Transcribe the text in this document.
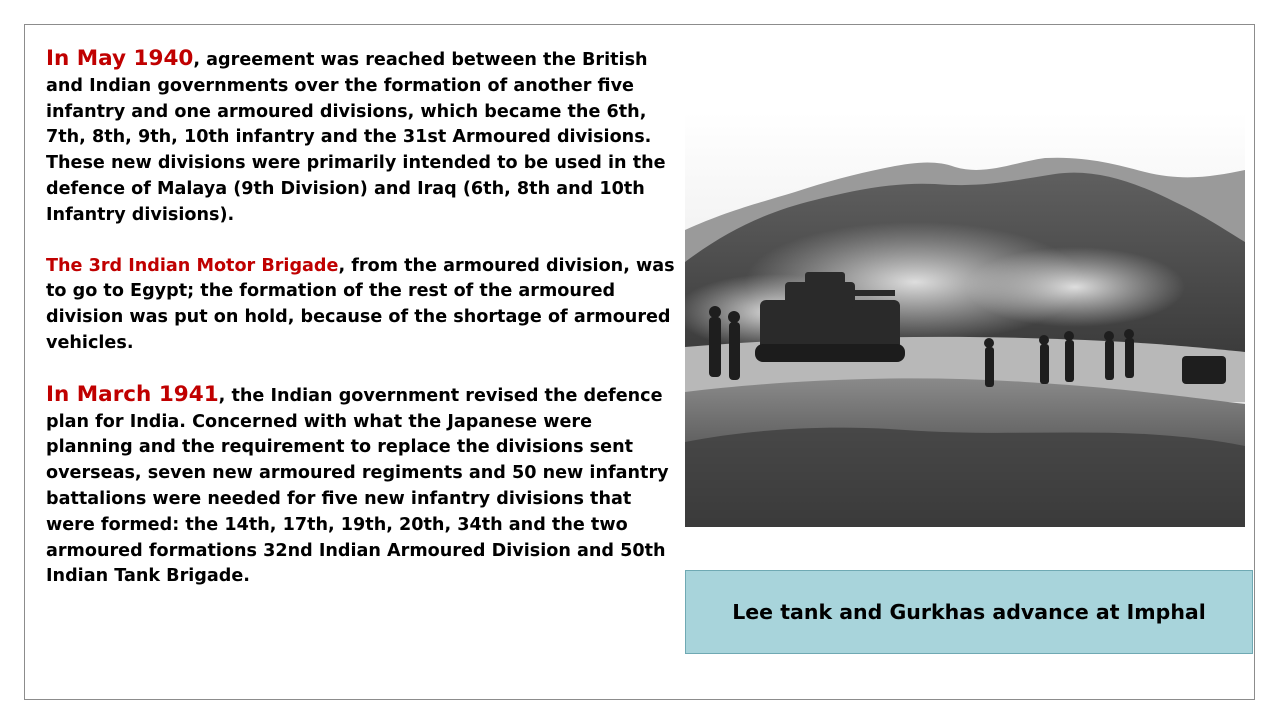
In May 1940, agreement was reached between the British and Indian governments over the formation of another five infantry and one armoured divisions, which became the 6th, 7th, 8th, 9th, 10th infantry and the 31st Armoured divisions. These new divisions were primarily intended to be used in the defence of Malaya (9th Division) and Iraq (6th, 8th and 10th Infantry divisions).

The 3rd Indian Motor Brigade, from the armoured division, was to go to Egypt; the formation of the rest of the armoured division was put on hold, because of the shortage of armoured vehicles.

In March 1941, the Indian government revised the defence plan for India. Concerned with what the Japanese were planning and the requirement to replace the divisions sent overseas, seven new armoured regiments and 50 new infantry battalions were needed for five new infantry divisions that were formed: the 14th, 17th, 19th, 20th, 34th and the two armoured formations 32nd Indian Armoured Division and 50th Indian Tank Brigade.

Lee tank and Gurkhas advance at Imphal
